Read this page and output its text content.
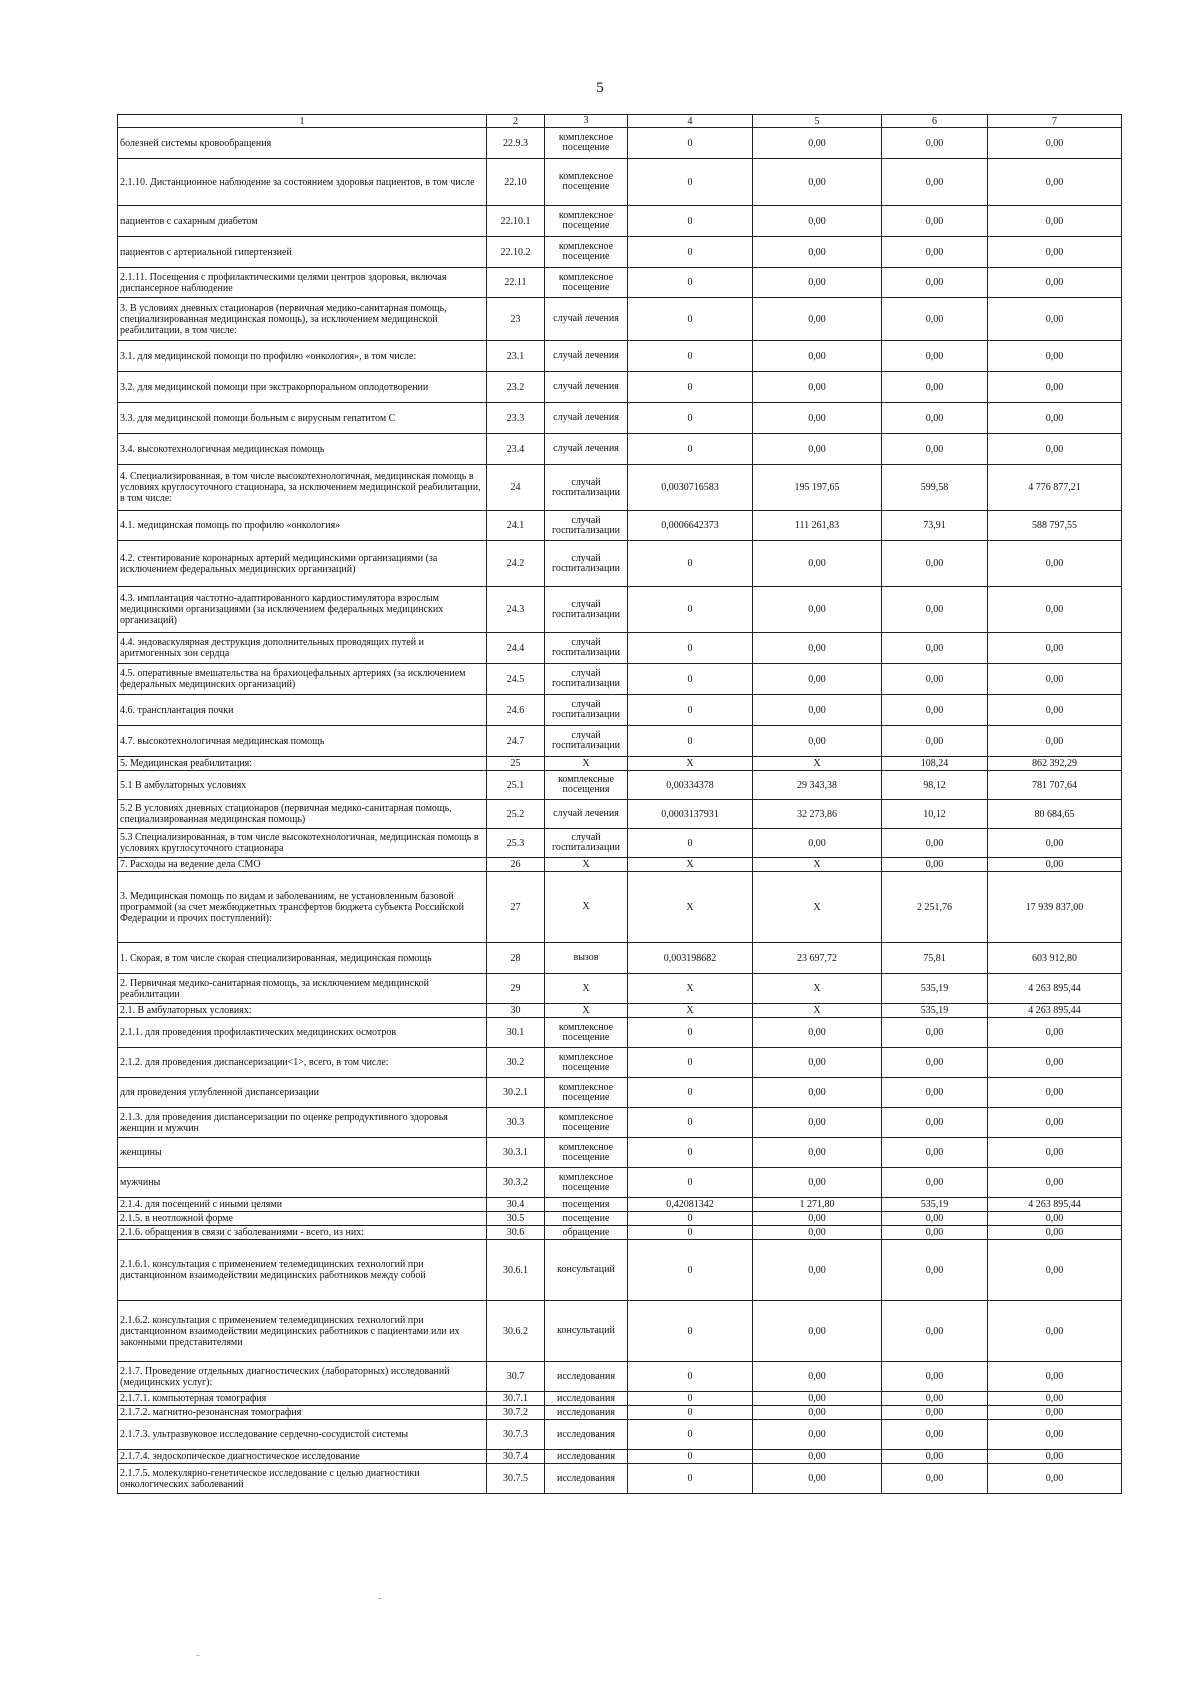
5
1	2	3	4	5	6	7
болезней системы кровообращения	22.9.3	комплексное посещение	0	0,00	0,00	0,00
2.1.10. Дистанционное наблюдение за состоянием здоровья пациентов, в том числе	22.10	комплексное посещение	0	0,00	0,00	0,00
пациентов с сахарным диабетом	22.10.1	комплексное посещение	0	0,00	0,00	0,00
пациентов с артериальной гипертензией	22.10.2	комплексное посещение	0	0,00	0,00	0,00
2.1.11. Посещения с профилактическими целями центров здоровья, включая диспансерное наблюдение	22.11	комплексное посещение	0	0,00	0,00	0,00
3. В условиях дневных стационаров (первичная медико-санитарная помощь, специализированная медицинская помощь), за исключением медицинской реабилитации, в том числе:	23	случай лечения	0	0,00	0,00	0,00
3.1. для медицинской помощи по профилю «онкология», в том числе:	23.1	случай лечения	0	0,00	0,00	0,00
3.2. для медицинской помощи при экстракорпоральном оплодотворении	23.2	случай лечения	0	0,00	0,00	0,00
3.3. для медицинской помощи больным с вирусным гепатитом С	23.3	случай лечения	0	0,00	0,00	0,00
3.4. высокотехнологичная медицинская помощь	23.4	случай лечения	0	0,00	0,00	0,00
4. Специализированная, в том числе высокотехнологичная, медицинская помощь в условиях круглосуточного стационара, за исключением медицинской реабилитации, в том числе:	24	случай госпитализации	0,0030716583	195 197,65	599,58	4 776 877,21
4.1. медицинская помощь по профилю «онкология»	24.1	случай госпитализации	0,0006642373	111 261,83	73,91	588 797,55
4.2. стентирование коронарных артерий медицинскими организациями (за исключением федеральных медицинских организаций)	24.2	случай госпитализации	0	0,00	0,00	0,00
4.3. имплантация частотно-адаптированного кардиостимулятора взрослым медицинскими организациями (за исключением федеральных медицинских организаций)	24.3	случай госпитализации	0	0,00	0,00	0,00
4.4. эндоваскулярная деструкция дополнительных проводящих путей и аритмогенных зон сердца	24.4	случай госпитализации	0	0,00	0,00	0,00
4.5. оперативные вмешательства на брахиоцефальных артериях (за исключением федеральных медицинских организаций)	24.5	случай госпитализации	0	0,00	0,00	0,00
4.6. трансплантация почки	24.6	случай госпитализации	0	0,00	0,00	0,00
4.7. высокотехнологичная медицинская помощь	24.7	случай госпитализации	0	0,00	0,00	0,00
5. Медицинская реабилитация:	25	Х	Х	Х	108,24	862 392,29
5.1 В амбулаторных условиях	25.1	комплексные посещения	0,00334378	29 343,38	98,12	781 707,64
5.2 В условиях дневных стационаров (первичная медико-санитарная помощь, специализированная медицинская помощь)	25.2	случай лечения	0,0003137931	32 273,86	10,12	80 684,65
5.3 Специализированная, в том числе высокотехнологичная, медицинская помощь в условиях круглосуточного стационара	25.3	случай госпитализации	0	0,00	0,00	0,00
7. Расходы на ведение дела СМО	26	Х	Х	Х	0,00	0,00
3. Медицинская помощь по видам и заболеваниям, не установленным базовой программой (за счет межбюджетных трансфертов бюджета субъекта Российской Федерации и прочих поступлений):	27	Х	Х	Х	2 251,76	17 939 837,00
1. Скорая, в том числе скорая специализированная, медицинская помощь	28	вызов	0,003198682	23 697,72	75,81	603 912,80
2. Первичная медико-санитарная помощь, за исключением медицинской реабилитации	29	Х	Х	Х	535,19	4 263 895,44
2.1. В амбулаторных условиях:	30	Х	Х	Х	535,19	4 263 895,44
2.1.1. для проведения профилактических медицинских осмотров	30.1	комплексное посещение	0	0,00	0,00	0,00
2.1.2. для проведения диспансеризации<1>, всего, в том числе:	30.2	комплексное посещение	0	0,00	0,00	0,00
для проведения углубленной диспансеризации	30.2.1	комплексное посещение	0	0,00	0,00	0,00
2.1.3. для проведения диспансеризации по оценке репродуктивного здоровья женщин и мужчин	30.3	комплексное посещение	0	0,00	0,00	0,00
женщины	30.3.1	комплексное посещение	0	0,00	0,00	0,00
мужчины	30.3.2	комплексное посещение	0	0,00	0,00	0,00
2.1.4. для посещений с иными целями	30.4	посещения	0,42081342	1 271,80	535,19	4 263 895,44
2.1.5. в неотложной форме	30.5	посещение	0	0,00	0,00	0,00
2.1.6. обращения в связи с заболеваниями - всего, из них:	30.6	обращение	0	0,00	0,00	0,00
2.1.6.1. консультация с применением телемедицинских технологий при дистанционном взаимодействии медицинских работников между собой	30.6.1	консультаций	0	0,00	0,00	0,00
2.1.6.2. консультация с применением телемедицинских технологий при дистанционном взаимодействии медицинских работников с пациентами или их законными представителями	30.6.2	консультаций	0	0,00	0,00	0,00
2.1.7. Проведение отдельных диагностических (лабораторных) исследований (медицинских услуг):	30.7	исследования	0	0,00	0,00	0,00
2.1.7.1. компьютерная томография	30.7.1	исследования	0	0,00	0,00	0,00
2.1.7.2. магнитно-резонансная томография	30.7.2	исследования	0	0,00	0,00	0,00
2.1.7.3. ультразвуковое исследование сердечно-сосудистой системы	30.7.3	исследования	0	0,00	0,00	0,00
2.1.7.4. эндоскопическое диагностическое исследование	30.7.4	исследования	0	0,00	0,00	0,00
2.1.7.5. молекулярно-генетическое исследование с целью диагностики онкологических заболеваний	30.7.5	исследования	0	0,00	0,00	0,00
